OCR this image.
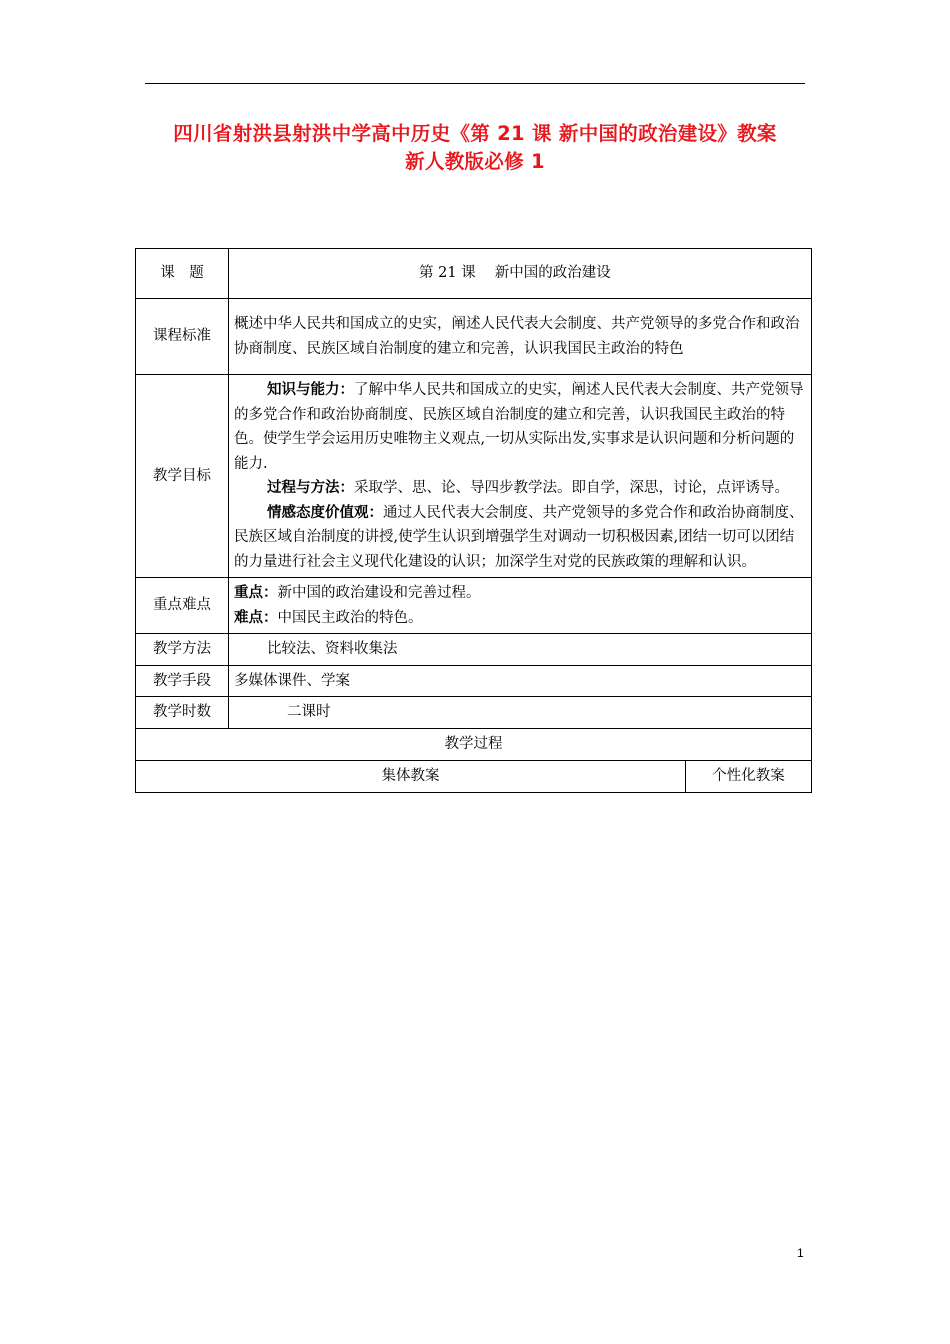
四川省射洪县射洪中学高中历史《第 21 课 新中国的政治建设》教案
新人教版必修 1
课　题	第 21 课　 新中国的政治建设	
课程标准	概述中华人民共和国成立的史实，阐述人民代表大会制度、共产党领导的多党合作和政治协商制度、民族区域自治制度的建立和完善，认识我国民主政治的特色	
教学目标	知识与能力：了解中华人民共和国成立的史实，阐述人民代表大会制度、共产党领导的多党合作和政治协商制度、民族区域自治制度的建立和完善，认识我国民主政治的特色。使学生学会运用历史唯物主义观点,一切从实际出发,实事求是认识问题和分析问题的能力.

过程与方法：采取学、思、论、导四步教学法。即自学，深思，讨论，点评诱导。

情感态度价值观：通过人民代表大会制度、共产党领导的多党合作和政治协商制度、民族区域自治制度的讲授,使学生认识到增强学生对调动一切积极因素,团结一切可以团结的力量进行社会主义现代化建设的认识；加深学生对党的民族政策的理解和认识。	

重点难点	重点：新中国的政治建设和完善过程。

难点：中国民主政治的特色。	

教学方法	比较法、资料收集法	
教学手段	多媒体课件、学案	
教学时数	二课时	
教学过程		
集体教案		个性化教案
1
